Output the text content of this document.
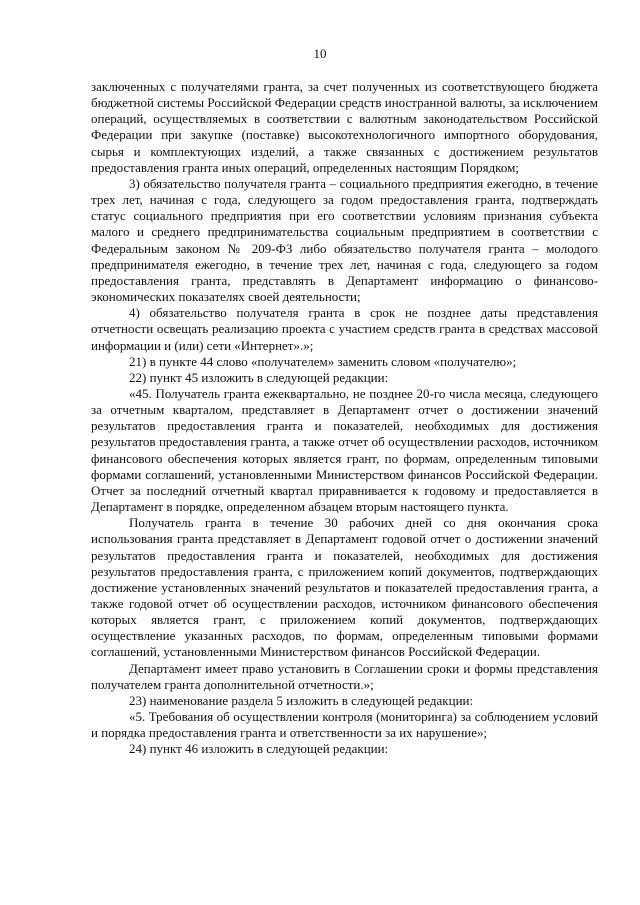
10

заключенных с получателями гранта, за счет полученных из соответствующего бюджета бюджетной системы Российской Федерации средств иностранной валюты, за исключением операций, осуществляемых в соответствии с валютным законодательством Российской Федерации при закупке (поставке) высокотехнологичного импортного оборудования, сырья и комплектующих изделий, а также связанных с достижением результатов предоставления гранта иных операций, определенных настоящим Порядком;

3) обязательство получателя гранта – социального предприятия ежегодно, в течение трех лет, начиная с года, следующего за годом предоставления гранта, подтверждать статус социального предприятия при его соответствии условиям признания субъекта малого и среднего предпринимательства социальным предприятием в соответствии с Федеральным законом № 209-ФЗ либо обязательство получателя гранта – молодого предпринимателя ежегодно, в течение трех лет, начиная с года, следующего за годом предоставления гранта, представлять в Департамент информацию о финансово-экономических показателях своей деятельности;

4) обязательство получателя гранта в срок не позднее даты представления отчетности освещать реализацию проекта с участием средств гранта в средствах массовой информации и (или) сети «Интернет».»;

21) в пункте 44 слово «получателем» заменить словом «получателю»;

22) пункт 45 изложить в следующей редакции:

«45. Получатель гранта ежеквартально, не позднее 20-го числа месяца, следующего за отчетным кварталом, представляет в Департамент отчет о достижении значений результатов предоставления гранта и показателей, необходимых для достижения результатов предоставления гранта, а также отчет об осуществлении расходов, источником финансового обеспечения которых является грант, по формам, определенным типовыми формами соглашений, установленными Министерством финансов Российской Федерации. Отчет за последний отчетный квартал приравнивается к годовому и предоставляется в Департамент в порядке, определенном абзацем вторым настоящего пункта.

Получатель гранта в течение 30 рабочих дней со дня окончания срока использования гранта представляет в Департамент годовой отчет о достижении значений результатов предоставления гранта и показателей, необходимых для достижения результатов предоставления гранта, с приложением копий документов, подтверждающих достижение установленных значений результатов и показателей предоставления гранта, а также годовой отчет об осуществлении расходов, источником финансового обеспечения которых является грант, с приложением копий документов, подтверждающих осуществление указанных расходов, по формам, определенным типовыми формами соглашений, установленными Министерством финансов Российской Федерации.

Департамент имеет право установить в Соглашении сроки и формы представления получателем гранта дополнительной отчетности.»;

23) наименование раздела 5 изложить в следующей редакции:

«5. Требования об осуществлении контроля (мониторинга) за соблюдением условий и порядка предоставления гранта и ответственности за их нарушение»;

24) пункт 46 изложить в следующей редакции:
